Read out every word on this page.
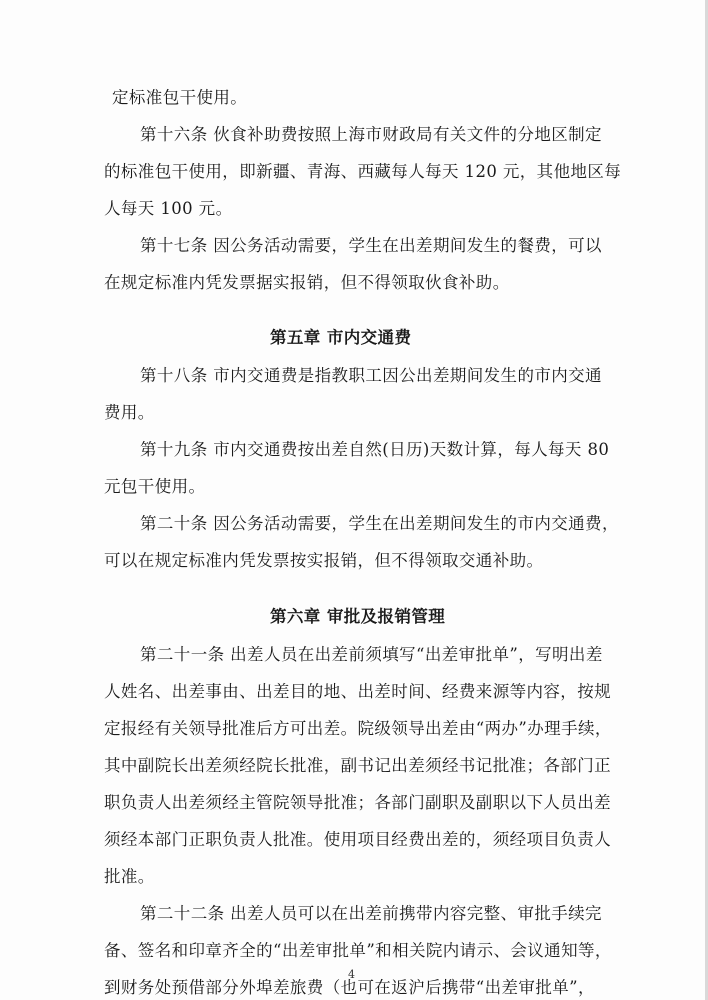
定标准包干使用。
第十六条 伙食补助费按照上海市财政局有关文件的分地区制定
的标准包干使用，即新疆、青海、西藏每人每天 120 元，其他地区每
人每天 100 元。
第十七条 因公务活动需要，学生在出差期间发生的餐费，可以
在规定标准内凭发票据实报销，但不得领取伙食补助。
第五章 市内交通费
第十八条 市内交通费是指教职工因公出差期间发生的市内交通
费用。
第十九条 市内交通费按出差自然(日历)天数计算，每人每天 80
元包干使用。
第二十条 因公务活动需要，学生在出差期间发生的市内交通费，
可以在规定标准内凭发票按实报销，但不得领取交通补助。
第六章 审批及报销管理
第二十一条 出差人员在出差前须填写“出差审批单”，写明出差
人姓名、出差事由、出差目的地、出差时间、经费来源等内容，按规
定报经有关领导批准后方可出差。院级领导出差由“两办”办理手续，
其中副院长出差须经院长批准，副书记出差须经书记批准；各部门正
职负责人出差须经主管院领导批准；各部门副职及副职以下人员出差
须经本部门正职负责人批准。使用项目经费出差的，须经项目负责人
批准。
第二十二条 出差人员可以在出差前携带内容完整、审批手续完
备、签名和印章齐全的“出差审批单”和相关院内请示、会议通知等，
到财务处预借部分外埠差旅费（也可在返沪后携带“出差审批单”，
4
